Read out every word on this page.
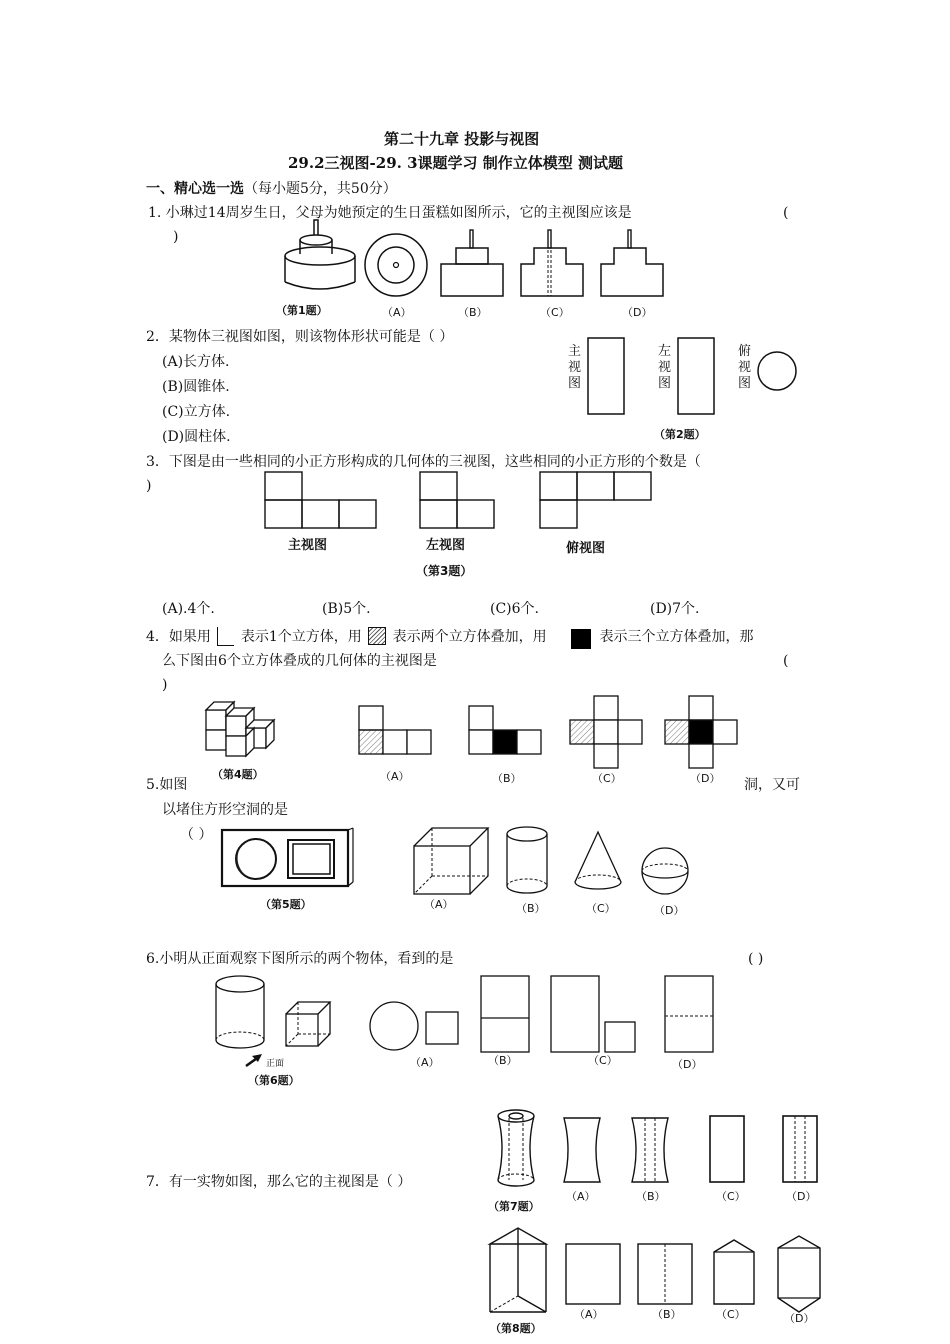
第二十九章 投影与视图
29.2三视图-29. 3课题学习 制作立体模型 测试题
一、精心选一选（每小题5分，共50分）
1. 小琳过14周岁生日，父母为她预定的生日蛋糕如图所示，它的主视图应该是	(
)
（第1题）	（A）	（B）	（C）	（D）
2．某物体三视图如图，则该物体形状可能是（ ）
(A)长方体.
(B)圆锥体.
(C)立方体.
(D)圆柱体.
主视图
左视图
俯视图
（第2题）
3．下图是由一些相同的小正方形构成的几何体的三视图，这些相同的小正方形的个数是（
)
主视图	左视图	俯视图
（第3题）
(A).4个.	(B)5个.	(C)6个.	(D)7个.
4．如果用 表示1个立方体，用 表示两个立方体叠加，用	表示三个立方体叠加，那
么下图由6个立方体叠成的几何体的主视图是	(
)
（第4题）	（A）	（B）	（C）	（D）
5.如图	洞，又可
以堵住方形空洞的是
（ ）
（第5题）	（A）	（B）	（C）	（D）
6.小明从正面观察下图所示的两个物体，看到的是	( )
正面
（第6题）
（A）	（B）	（C）	（D）
7．有一实物如图，那么它的主视图是（ ）
（第7题）
（A）	（B）	（C）	（D）
（A）	（B）	（C）	（D）
（第8题）
